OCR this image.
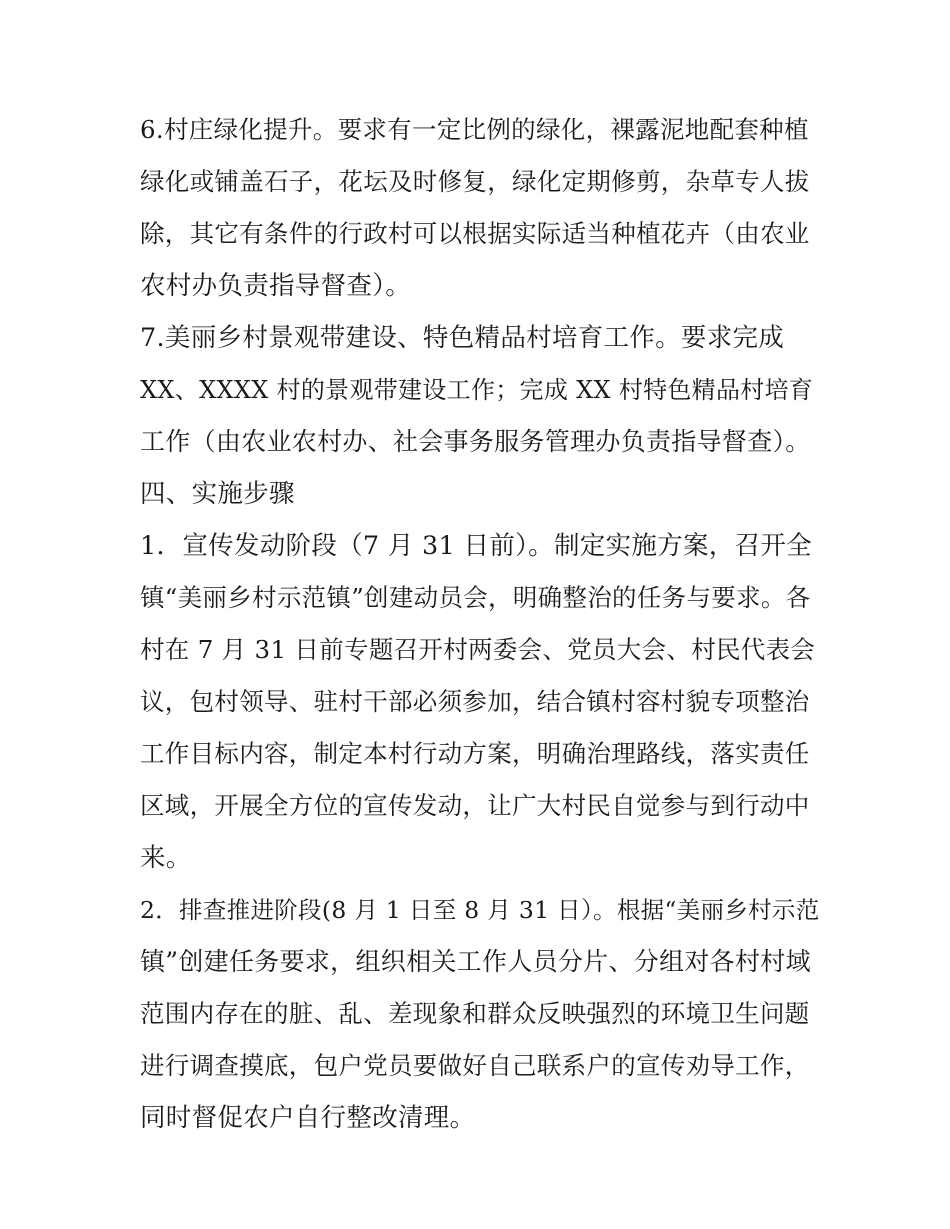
6.村庄绿化提升。要求有一定比例的绿化，裸露泥地配套种植
绿化或铺盖石子，花坛及时修复，绿化定期修剪，杂草专人拔
除，其它有条件的行政村可以根据实际适当种植花卉（由农业
农村办负责指导督查）。
7.美丽乡村景观带建设、特色精品村培育工作。要求完成
XX、XXXX 村的景观带建设工作；完成 XX 村特色精品村培育
工作（由农业农村办、社会事务服务管理办负责指导督查）。
四、实施步骤
1．宣传发动阶段（7 月 31 日前）。制定实施方案，召开全
镇“美丽乡村示范镇”创建动员会，明确整治的任务与要求。各
村在 7 月 31 日前专题召开村两委会、党员大会、村民代表会
议，包村领导、驻村干部必须参加，结合镇村容村貌专项整治
工作目标内容，制定本村行动方案，明确治理路线，落实责任
区域，开展全方位的宣传发动，让广大村民自觉参与到行动中
来。
2．排查推进阶段(8 月 1 日至 8 月 31 日）。根据“美丽乡村示范
镇”创建任务要求，组织相关工作人员分片、分组对各村村域
范围内存在的脏、乱、差现象和群众反映强烈的环境卫生问题
进行调查摸底，包户党员要做好自己联系户的宣传劝导工作，
同时督促农户自行整改清理。
